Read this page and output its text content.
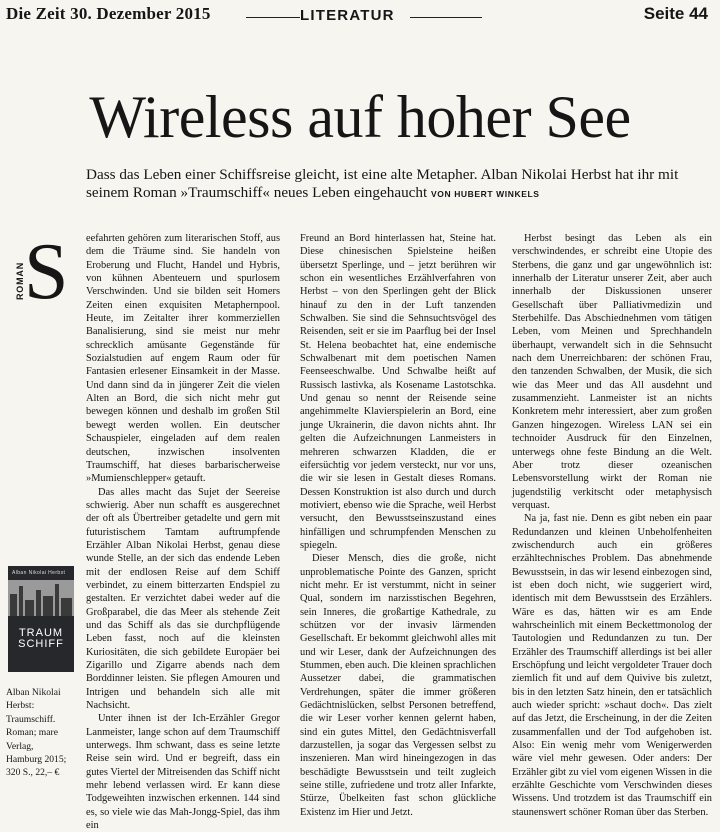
Die Zeit 30. Dezember 2015	LITERATUR	Seite 44
Wireless auf hoher See
Dass das Leben einer Schiffsreise gleicht, ist eine alte Metapher. Alban Nikolai Herbst hat ihr mit seinem Roman »Traumschiff« neues Leben eingehaucht VON HUBERT WINKELS
S
ROMAN
Alban Nikolai Herbst
TRAUM
SCHIFF
Alban Nikolai
Herbst:
Traumschiff.
Roman; mare
Verlag,
Hamburg 2015;
320 S., 22,– €

eefahrten gehören zum literarischen Stoff, aus dem die Träume sind. Sie handeln von Eroberung und Flucht, Handel und Hybris, von kühnen Abenteuern und spurlosem Verschwinden. Und sie bilden seit Homers Zeiten einen exquisiten Metaphernpool. Heute, im Zeitalter ihrer kommerziellen Banalisierung, sind sie meist nur mehr schrecklich amüsante Gegenstände für Sozialstudien auf engem Raum oder für Fantasien erlesener Einsamkeit in der Masse. Und dann sind da in jüngerer Zeit die vielen Alten an Bord, die sich nicht mehr gut bewegen können und deshalb im großen Stil bewegt werden wollen. Ein deutscher Schauspieler, eingeladen auf dem realen deutschen, inzwischen insolventen Traumschiff, hat dieses barbarischerweise »Mumienschlepper« getauft.

Das alles macht das Sujet der Seereise schwierig. Aber nun schafft es ausgerechnet der oft als Übertreiber getadelte und gern mit futuristischem Tamtam auftrumpfende Erzähler Alban Nikolai Herbst, genau diese wunde Stelle, an der sich das endende Leben mit der endlosen Reise auf dem Schiff verbindet, zu einem bitterzarten Endspiel zu gestalten. Er verzichtet dabei weder auf die Großparabel, die das Meer als stehende Zeit und das Schiff als das sie durchpflügende Leben fasst, noch auf die kleinsten Kuriositäten, die sich gebildete Europäer bei Zigarillo und Zigarre abends nach dem Borddinner leisten. Sie pflegen Amouren und Intrigen und behandeln sich alle mit Nachsicht.

Unter ihnen ist der Ich-Erzähler Gregor Lanmeister, lange schon auf dem Traumschiff unterwegs. Ihm schwant, dass es seine letzte Reise sein wird. Und er begreift, dass ein gutes Viertel der Mitreisenden das Schiff nicht mehr lebend verlassen wird. Er kann diese Todgeweihten inzwischen erkennen. 144 sind es, so viele wie das Mah-Jongg-Spiel, das ihm ein

Freund an Bord hinterlassen hat, Steine hat. Diese chinesischen Spielsteine heißen übersetzt Sperlinge, und – jetzt berühren wir schon ein wesentliches Erzählverfahren von Herbst – von den Sperlingen geht der Blick hinauf zu den in der Luft tanzenden Schwalben. Sie sind die Sehnsuchtsvögel des Reisenden, seit er sie im Paarflug bei der Insel St. Helena beobachtet hat, eine endemische Schwalbenart mit dem poetischen Namen Feenseeschwalbe. Und Schwalbe heißt auf Russisch lastivka, als Kosename Lastotschka. Und genau so nennt der Reisende seine angehimmelte Klavierspielerin an Bord, eine junge Ukrainerin, die davon nichts ahnt. Ihr gelten die Aufzeichnungen Lanmeisters in mehreren schwarzen Kladden, die er eifersüchtig vor jedem versteckt, nur vor uns, die wir sie lesen in Gestalt dieses Romans. Dessen Konstruktion ist also durch und durch motiviert, ebenso wie die Sprache, weil Herbst versucht, den Bewusstseinszustand eines hinfälligen und schrumpfenden Menschen zu spiegeln.

Dieser Mensch, dies die große, nicht unproblematische Pointe des Ganzen, spricht nicht mehr. Er ist verstummt, nicht in seiner Qual, sondern im narzisstischen Begehren, sein Inneres, die großartige Kathedrale, zu schützen vor der invasiv lärmenden Gesellschaft. Er bekommt gleichwohl alles mit und wir Leser, dank der Aufzeichnungen des Stummen, eben auch. Die kleinen sprachlichen Aussetzer dabei, die grammatischen Verdrehungen, später die immer größeren Gedächtnislücken, selbst Personen betreffend, die wir Leser vorher kennen gelernt haben, sind ein gutes Mittel, den Gedächtnisverfall darzustellen, ja sogar das Vergessen selbst zu inszenieren. Man wird hineingezogen in das beschädigte Bewusstsein und teilt zugleich seine stille, zufriedene und trotz aller Infarkte, Stürze, Übelkeiten fast schon glückliche Existenz im Hier und Jetzt.

Herbst besingt das Leben als ein verschwindendes, er schreibt eine Utopie des Sterbens, die ganz und gar ungewöhnlich ist: innerhalb der Literatur unserer Zeit, aber auch innerhalb der Diskussionen unserer Gesellschaft über Palliativmedizin und Sterbehilfe. Das Abschiednehmen vom tätigen Leben, vom Meinen und Sprechhandeln überhaupt, verwandelt sich in die Sehnsucht nach dem Unerreichbaren: der schönen Frau, den tanzenden Schwalben, der Musik, die sich wie das Meer und das All ausdehnt und zusammenzieht. Lanmeister ist an nichts Konkretem mehr interessiert, aber zum großen Ganzen hingezogen. Wireless LAN sei ein technoider Ausdruck für den Einzelnen, unterwegs ohne feste Bindung an die Welt. Aber trotz dieser ozeanischen Lebensvorstellung wirkt der Roman nie jugendstilig verkitscht oder metaphysisch verquast.

Na ja, fast nie. Denn es gibt neben ein paar Redundanzen und kleinen Unbeholfenheiten zwischendurch auch ein größeres erzähltechnisches Problem. Das abnehmende Bewusstsein, in das wir lesend einbezogen sind, ist eben doch nicht, wie suggeriert wird, identisch mit dem Bewusstsein des Erzählers. Wäre es das, hätten wir es am Ende wahrscheinlich mit einem Beckettmonolog der Tautologien und Redundanzen zu tun. Der Erzähler des Traumschiff allerdings ist bei aller Erschöpfung und leicht vergoldeter Trauer doch ziemlich fit und auf dem Quivive bis zuletzt, bis in den letzten Satz hinein, den er tatsächlich auch wieder spricht: »schaut doch«. Das zielt auf das Jetzt, die Erscheinung, in der die Zeiten zusammenfallen und der Tod aufgehoben ist. Also: Ein wenig mehr vom Wenigerwerden wäre viel mehr gewesen. Oder anders: Der Erzähler gibt zu viel vom eigenen Wissen in die erzählte Geschichte vom Verschwinden dieses Wissens. Und trotzdem ist das Traumschiff ein staunenswert schöner Roman über das Sterben.
